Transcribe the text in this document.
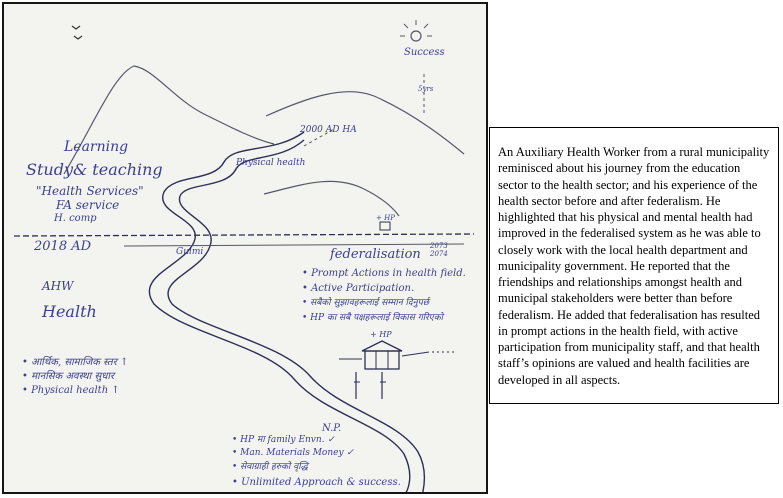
Success
5yrs
2000 AD HA
Physical health
Learning
Study& teaching
"Health Services"
FA service
H. comp
2018 AD	Gulmi	federalisation
2073
2074
+ HP
+ HP
AHW
Health
N.P.
• Prompt Actions in health field.
• Active Participation.
• सबैको सुझावहरूलाई सम्मान दिनुपर्छ
• HP का सबै पक्षहरूलाई विकास गरिएको
• आर्थिक, सामाजिक स्तर ↑
• मानसिक अवस्था सुधार
• Physical health ↑
• HP मा family Envn. ✓
• Man. Materials Money ✓
• सेवाग्राही हरुको वृद्धि
• Unlimited Approach & success.
An Auxiliary Health Worker from a rural municipality reminisced about his journey from the education sector to the health sector; and his experience of the health sector before and after federalism. He highlighted that his physical and mental health had improved in the federalised system as he was able to closely work with the local health department and municipality government. He reported that the friendships and relationships amongst health and municipal stakeholders were better than before federalism. He added that federalisation has resulted in prompt actions in the health field, with active participation from municipality staff, and that health staff’s opinions are valued and health facilities are developed in all aspects.
